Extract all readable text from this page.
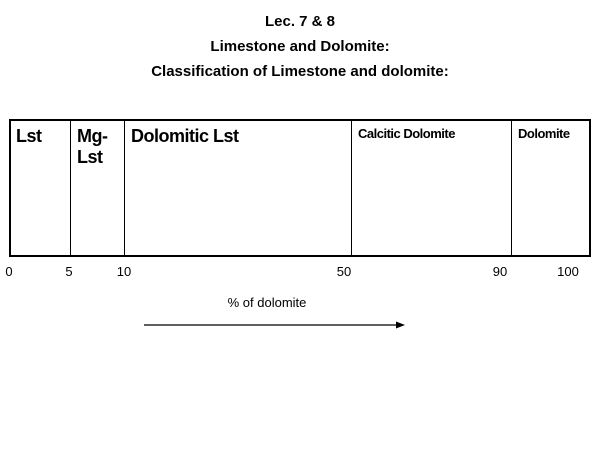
Lec. 7 & 8
Limestone and Dolomite:
Classification of Limestone and dolomite:
Lst Mg-
Lst
Dolomitic Lst	Calcitic Dolomite	Dolomite
0	5	10	50	90	100
% of dolomite
